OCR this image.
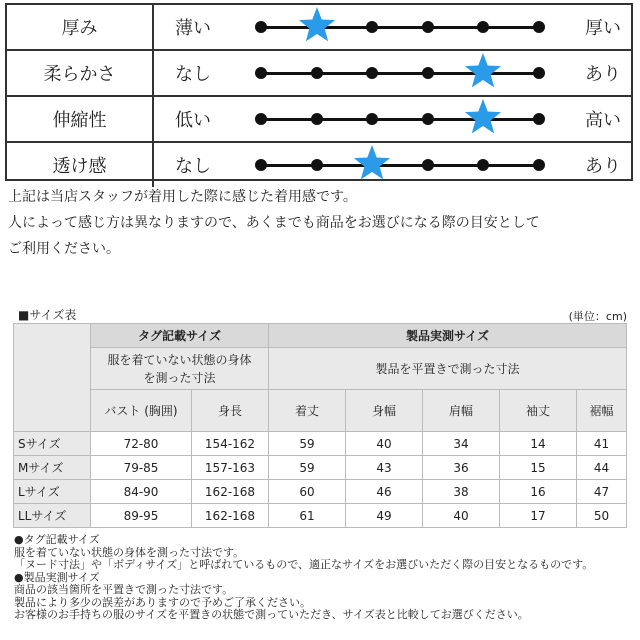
厚み	薄い	厚い
柔らかさ	なし	あり
伸縮性	低い	高い
透け感	なし	あり
上記は当店スタッフが着用した際に感じた着用感です。
人によって感じ方は異なりますので、あくまでも商品をお選びになる際の目安として
ご利用ください。
■サイズ表	(単位：cm)
	タグ記載サイズ		製品実測サイズ				
	服を着ていない状態の身体を測った寸法		製品を平置きで測った寸法				
	バスト (胸囲)	身長	着丈	身幅	肩幅	袖丈	裾幅
Sサイズ	72-80	154-162	59	40	34	14	41
Mサイズ	79-85	157-163	59	43	36	15	44
Lサイズ	84-90	162-168	60	46	38	16	47
LLサイズ	89-95	162-168	61	49	40	17	50
●タグ記載サイズ
服を着ていない状態の身体を測った寸法です。
「ヌード寸法」や「ボディサイズ」と呼ばれているもので、適正なサイズをお選びいただく際の目安となるものです。
●製品実測サイズ
商品の該当箇所を平置きで測った寸法です。
製品により多少の誤差がありますので予めご了承ください。
お客様のお手持ちの服のサイズを平置きの状態で測っていただき、サイズ表と比較してお選びください。
